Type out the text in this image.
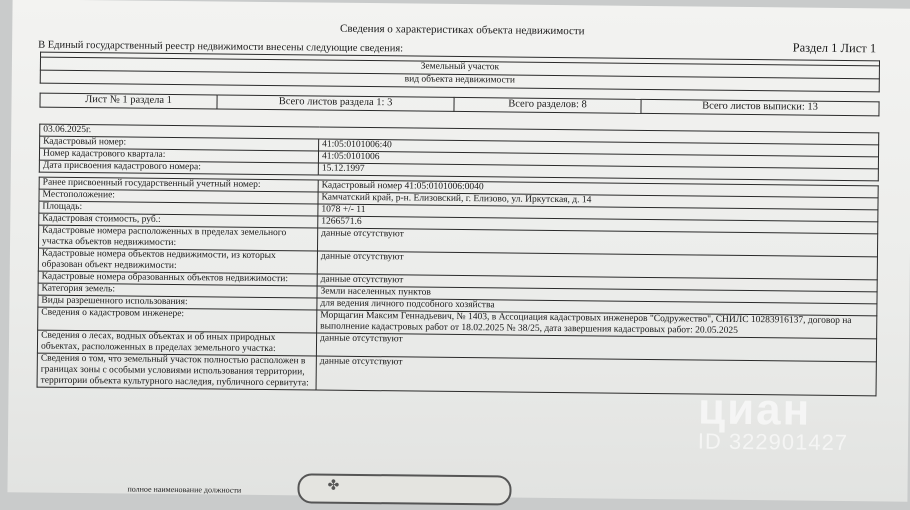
Сведения о характеристиках объекта недвижимости
В Единый государственный реестр недвижимости внесены следующие сведения:	Раздел 1 Лист 1

Земельный участок
вид объекта недвижимости
Лист № 1 раздела 1	Всего листов раздела 1: 3	Всего разделов: 8	Всего листов выписки: 13
03.06.2025г.	
Кадастровый номер:	41:05:0101006:40
Номер кадастрового квартала:	41:05:0101006
Дата присвоения кадастрового номера:	15.12.1997

Ранее присвоенный государственный учетный номер:	Кадастровый номер 41:05:0101006:0040
Местоположение:	Камчатский край, р-н. Елизовский, г. Елизово, ул. Иркутская, д. 14
Площадь:	1078 +/- 11
Кадастровая стоимость, руб.:	1266571.6
Кадастровые номера расположенных в пределах земельного участка объектов недвижимости:	данные отсутствуют
Кадастровые номера объектов недвижимости, из которых образован объект недвижимости:	данные отсутствуют
Кадастровые номера образованных объектов недвижимости:	данные отсутствуют
Категория земель:	Земли населенных пунктов
Виды разрешенного использования:	для ведения личного подсобного хозяйства
Сведения о кадастровом инженере:	Морщагин Максим Геннадьевич, № 1403, в Ассоциация кадастровых инженеров "Содружество", СНИЛС 10283916137, договор на выполнение кадастровых работ от 18.02.2025 № 38/25, дата завершения кадастровых работ: 20.05.2025
Сведения о лесах, водных объектах и об иных природных объектах, расположенных в пределах земельного участка:	данные отсутствуют
Сведения о том, что земельный участок полностью расположен в границах зоны с особыми условиями использования территории, территории объекта культурного наследия, публичного сервитута:	данные отсутствуют
полное наименование должности	✤
циан
ID 322901427
